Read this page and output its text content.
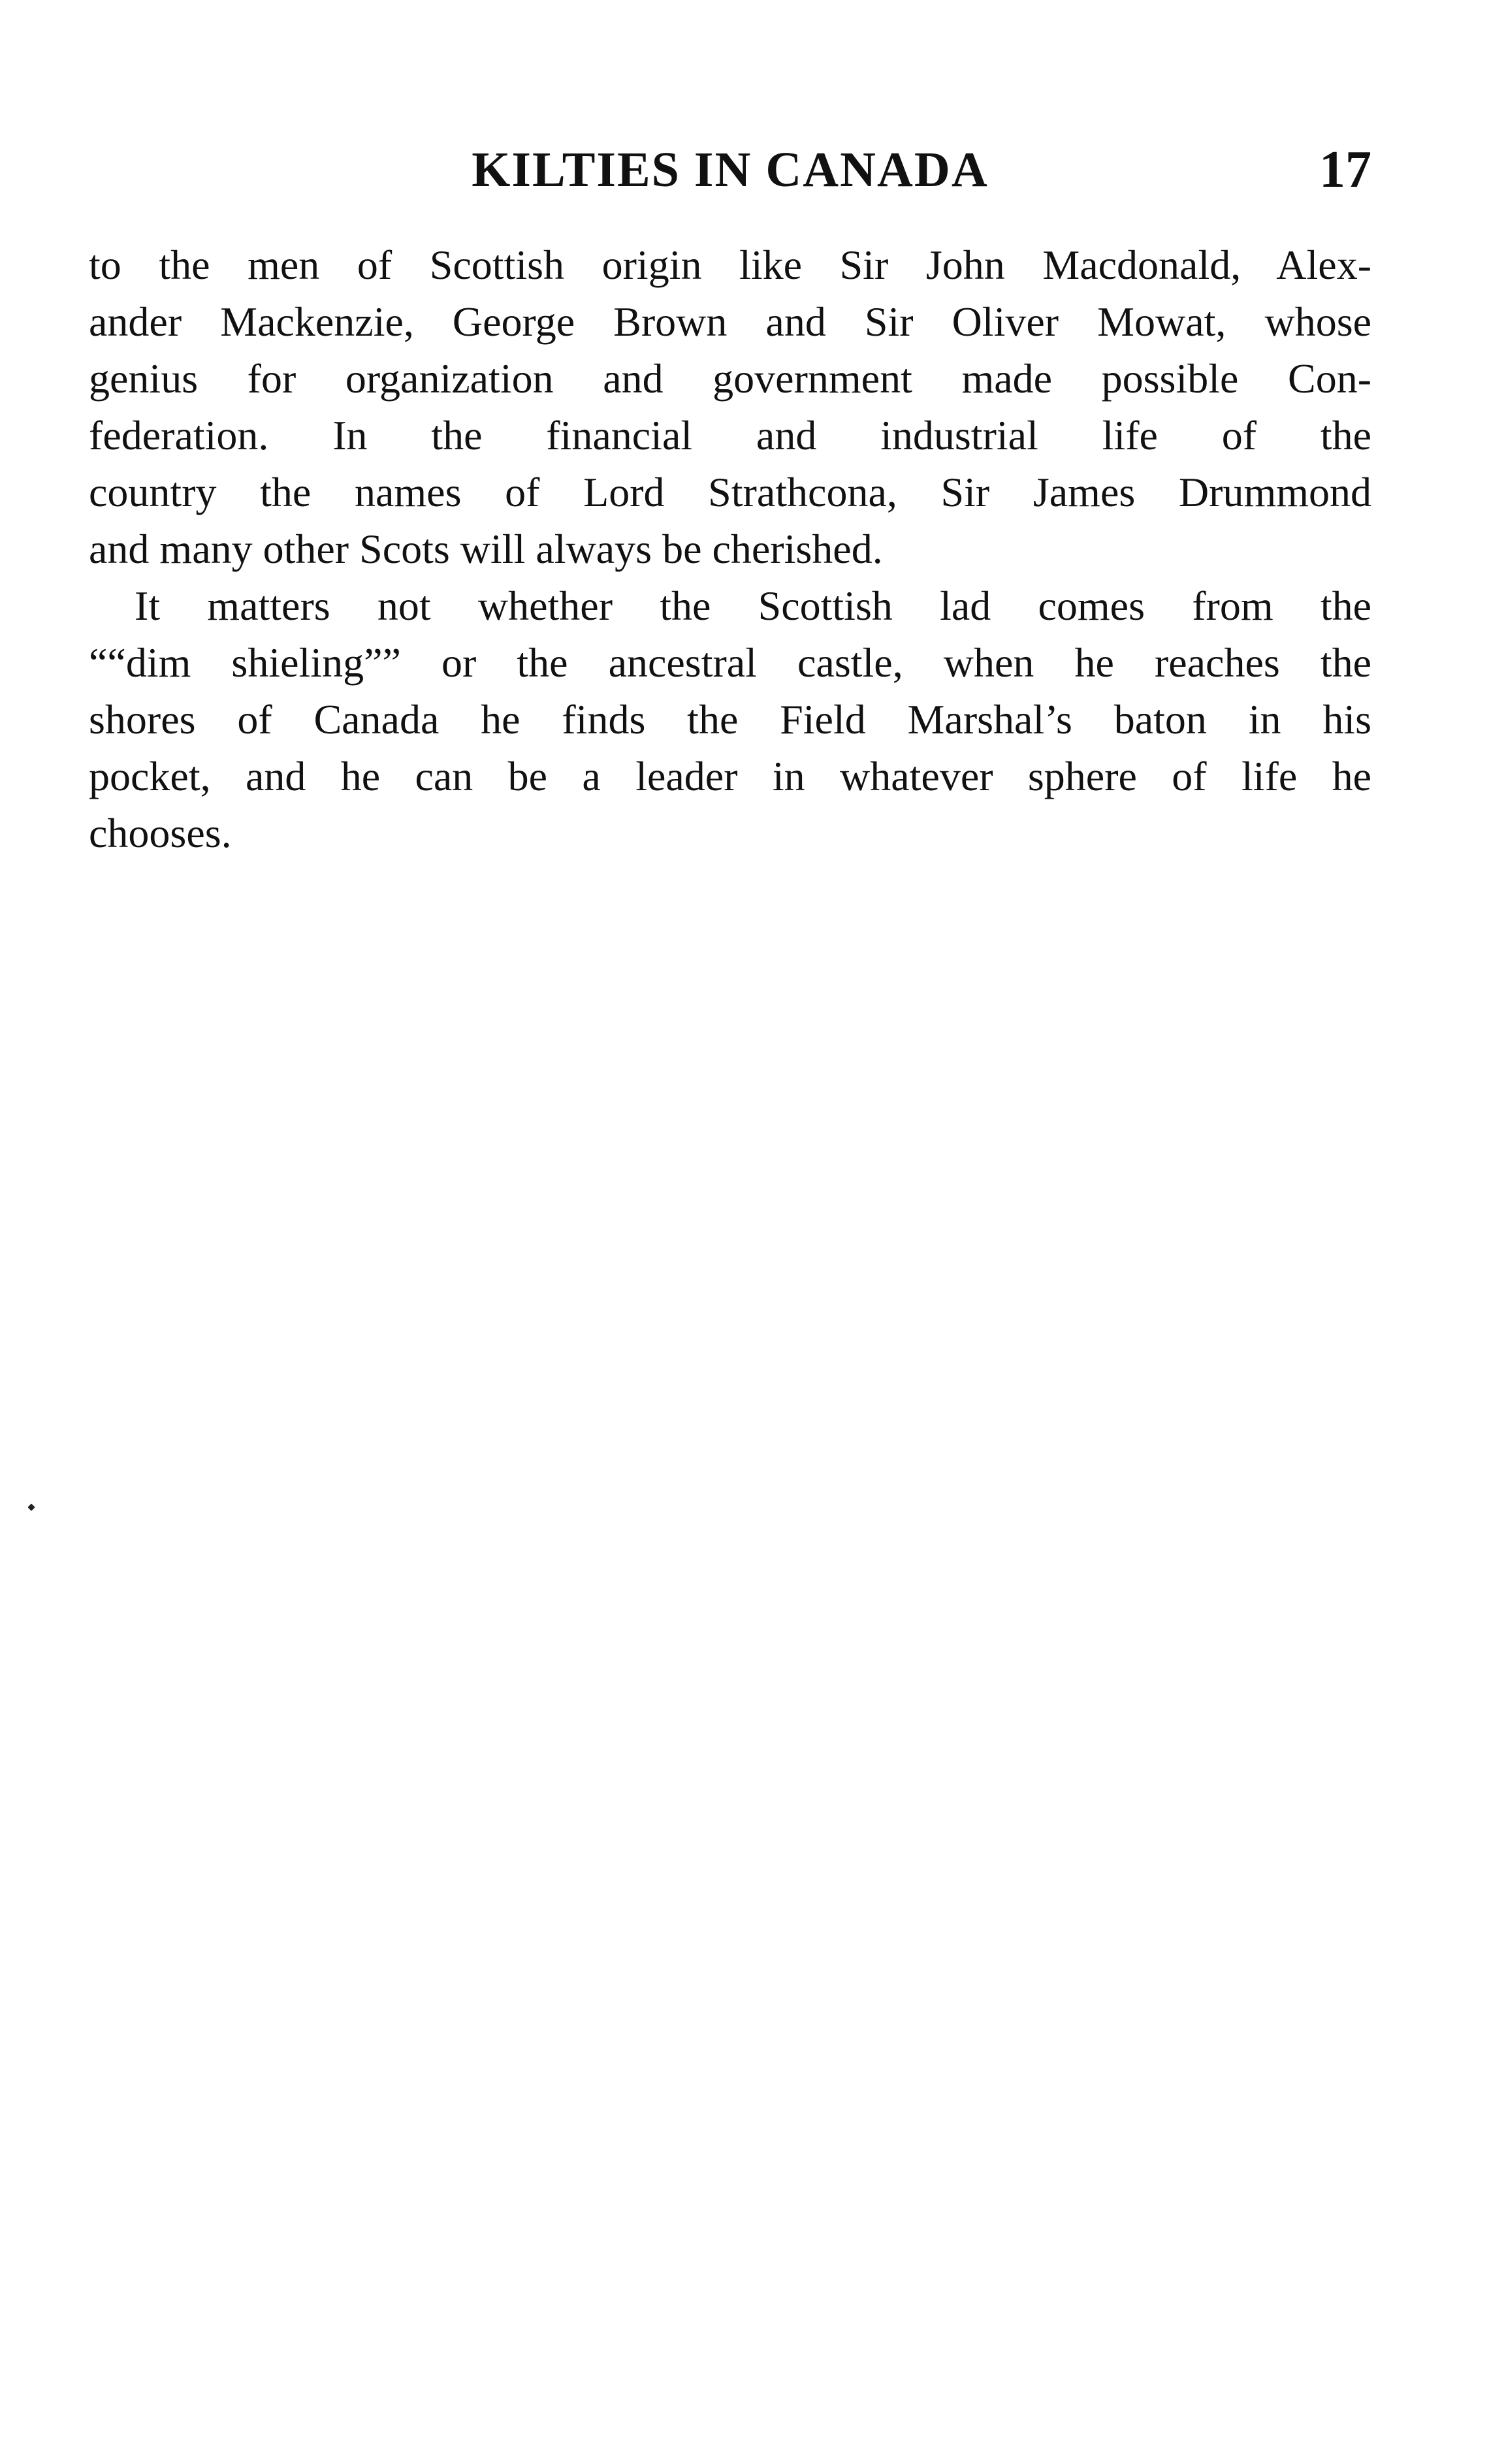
KILTIES IN CANADA	17
to the men of Scottish origin like Sir John Macdonald, Alex-
ander Mackenzie, George Brown and Sir Oliver Mowat, whose
genius for organization and government made possible Con-
federation. In the financial and industrial life of the
country the names of Lord Strathcona, Sir James Drummond
and many other Scots will always be cherished.
It matters not whether the Scottish lad comes from the
““dim shieling”” or the ancestral castle, when he reaches the
shores of Canada he finds the Field Marshal’s baton in his
pocket, and he can be a leader in whatever sphere of life he
chooses.
